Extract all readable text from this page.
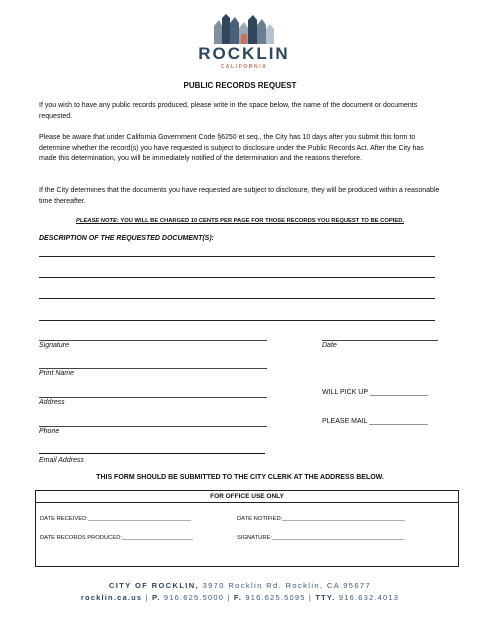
ROCKLIN
CALIFORNIA
PUBLIC RECORDS REQUEST
If you wish to have any public records produced, please write in the space below, the name of the document or documents requested.
Please be aware that under California Government Code §6250 et seq., the City has 10 days after you submit this form to determine whether the record(s) you have requested is subject to disclosure under the Public Records Act. After the City has made this determination, you will be immediately notified of the determination and the reasons therefore.
If the City determines that the documents you have requested are subject to disclosure, they will be produced within a reasonable time thereafter.
PLEASE NOTE: YOU WILL BE CHARGED 10 CENTS PER PAGE FOR THOSE RECORDS YOU REQUEST TO BE COPIED.
DESCRIPTION OF THE REQUESTED DOCUMENT(S):
Signature	Date
Print Name
Address
WILL PICK UP _______________
Phone
PLEASE MAIL _______________
Email Address
THIS FORM SHOULD BE SUBMITTED TO THE CITY CLERK AT THE ADDRESS BELOW.
FOR OFFICE USE ONLY
DATE RECEIVED:________________________________	DATE NOTIFIED:______________________________________
DATE RECORDS PRODUCED:______________________	SIGNATURE:_________________________________________
CITY OF ROCKLIN, 3970 Rocklin Rd. Rocklin, CA 95677
rocklin.ca.us | P. 916.625.5000 | F. 916.625.5095 | TTY. 916.632.4013
